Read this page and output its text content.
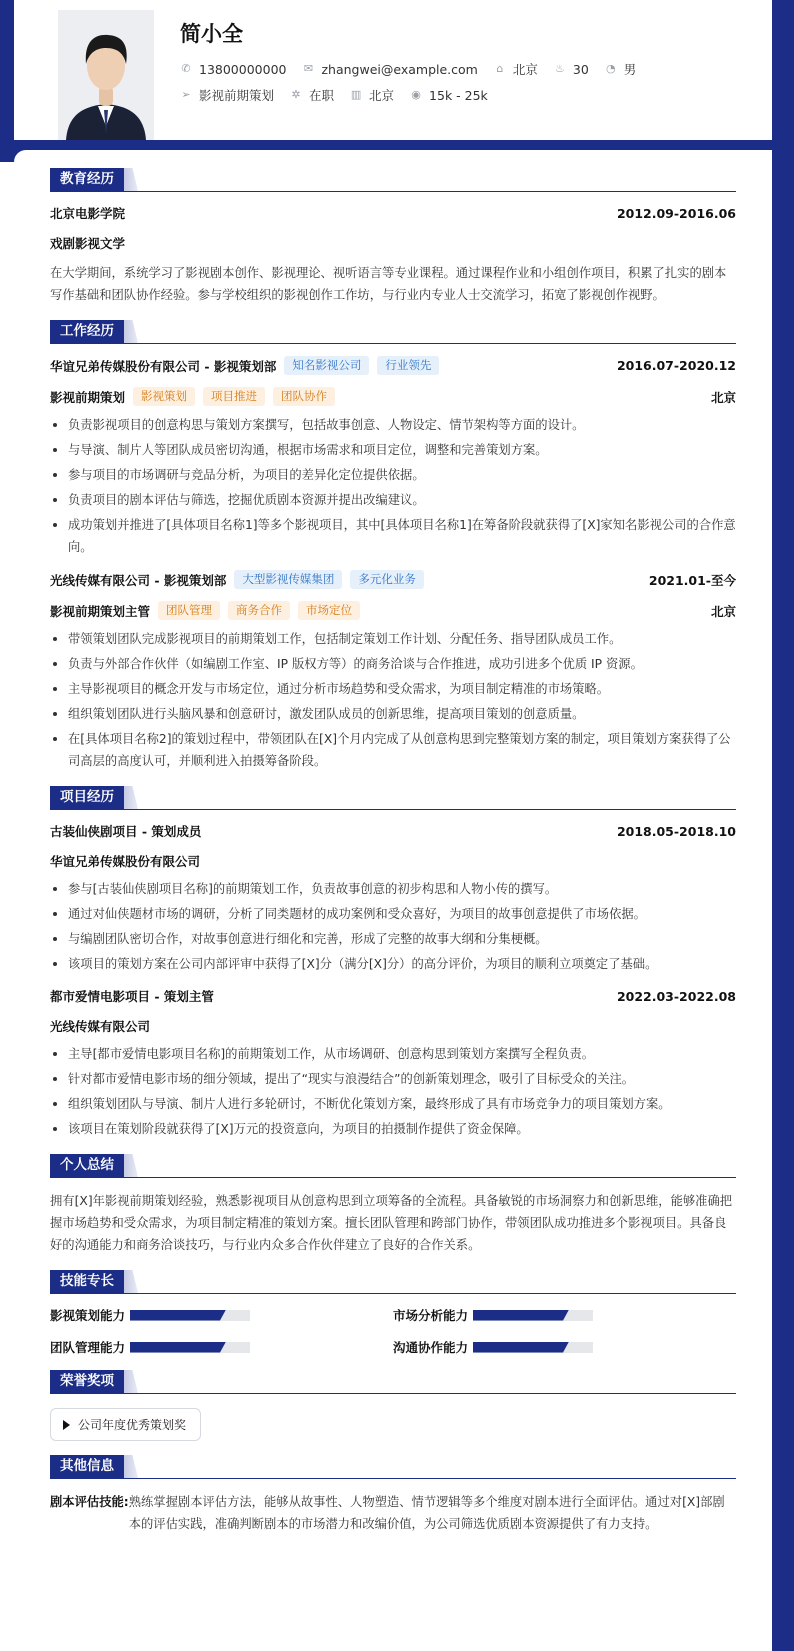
简小全
✆ 13800000000 ✉ zhangwei@example.com ⌂ 北京 ♨ 30 ◔ 男
➢ 影视前期策划 ✲ 在职 ▥ 北京 ◉ 15k - 25k
教育经历
北京电影学院	2012.09-2016.06
戏剧影视文学
在大学期间，系统学习了影视剧本创作、影视理论、视听语言等专业课程。通过课程作业和小组创作项目，积累了扎实的剧本写作基础和团队协作经验。参与学校组织的影视创作工作坊，与行业内专业人士交流学习，拓宽了影视创作视野。
工作经历
华谊兄弟传媒股份有限公司 - 影视策划部	知名影视公司	行业领先	2016.07-2020.12
影视前期策划	影视策划	项目推进	团队协作	北京
负责影视项目的创意构思与策划方案撰写，包括故事创意、人物设定、情节架构等方面的设计。
与导演、制片人等团队成员密切沟通，根据市场需求和项目定位，调整和完善策划方案。
参与项目的市场调研与竞品分析，为项目的差异化定位提供依据。
负责项目的剧本评估与筛选，挖掘优质剧本资源并提出改编建议。
成功策划并推进了[具体项目名称1]等多个影视项目，其中[具体项目名称1]在筹备阶段就获得了[X]家知名影视公司的合作意向。
光线传媒有限公司 - 影视策划部	大型影视传媒集团	多元化业务	2021.01-至今
影视前期策划主管	团队管理	商务合作	市场定位	北京
带领策划团队完成影视项目的前期策划工作，包括制定策划工作计划、分配任务、指导团队成员工作。
负责与外部合作伙伴（如编剧工作室、IP 版权方等）的商务洽谈与合作推进，成功引进多个优质 IP 资源。
主导影视项目的概念开发与市场定位，通过分析市场趋势和受众需求，为项目制定精准的市场策略。
组织策划团队进行头脑风暴和创意研讨，激发团队成员的创新思维，提高项目策划的创意质量。
在[具体项目名称2]的策划过程中，带领团队在[X]个月内完成了从创意构思到完整策划方案的制定，项目策划方案获得了公司高层的高度认可，并顺利进入拍摄筹备阶段。
项目经历
古装仙侠剧项目 - 策划成员	2018.05-2018.10
华谊兄弟传媒股份有限公司
参与[古装仙侠剧项目名称]的前期策划工作，负责故事创意的初步构思和人物小传的撰写。
通过对仙侠题材市场的调研，分析了同类题材的成功案例和受众喜好，为项目的故事创意提供了市场依据。
与编剧团队密切合作，对故事创意进行细化和完善，形成了完整的故事大纲和分集梗概。
该项目的策划方案在公司内部评审中获得了[X]分（满分[X]分）的高分评价，为项目的顺利立项奠定了基础。
都市爱情电影项目 - 策划主管	2022.03-2022.08
光线传媒有限公司
主导[都市爱情电影项目名称]的前期策划工作，从市场调研、创意构思到策划方案撰写全程负责。
针对都市爱情电影市场的细分领域，提出了“现实与浪漫结合”的创新策划理念，吸引了目标受众的关注。
组织策划团队与导演、制片人进行多轮研讨，不断优化策划方案，最终形成了具有市场竞争力的项目策划方案。
该项目在策划阶段就获得了[X]万元的投资意向，为项目的拍摄制作提供了资金保障。
个人总结
拥有[X]年影视前期策划经验，熟悉影视项目从创意构思到立项筹备的全流程。具备敏锐的市场洞察力和创新思维，能够准确把握市场趋势和受众需求，为项目制定精准的策划方案。擅长团队管理和跨部门协作，带领团队成功推进多个影视项目。具备良好的沟通能力和商务洽谈技巧，与行业内众多合作伙伴建立了良好的合作关系。
技能专长
影视策划能力	市场分析能力
团队管理能力	沟通协作能力
荣誉奖项
公司年度优秀策划奖
其他信息
剧本评估技能: 熟练掌握剧本评估方法，能够从故事性、人物塑造、情节逻辑等多个维度对剧本进行全面评估。通过对[X]部剧本的评估实践，准确判断剧本的市场潜力和改编价值，为公司筛选优质剧本资源提供了有力支持。
